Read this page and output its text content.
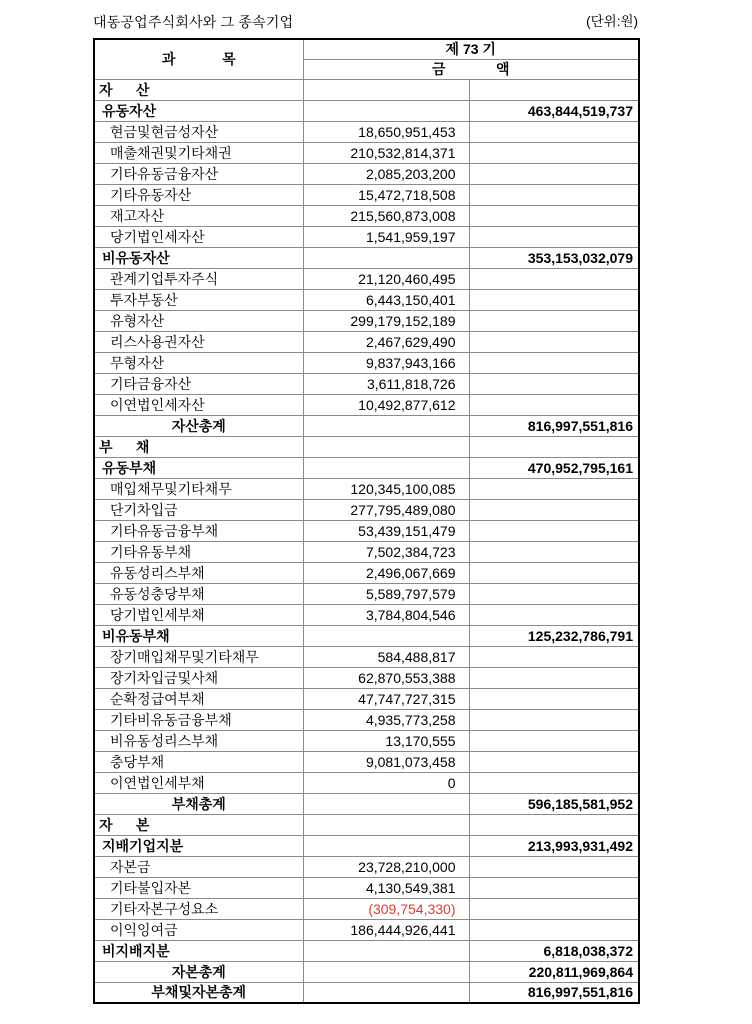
대동공업주식회사와 그 종속기업	(단위:원)
과            목	제 73 기	
	금             액	
자      산		
유동자산		463,844,519,737
현금및현금성자산	18,650,951,453	
매출채권및기타채권	210,532,814,371	
기타유동금융자산	2,085,203,200	
기타유동자산	15,472,718,508	
재고자산	215,560,873,008	
당기법인세자산	1,541,959,197	
비유동자산		353,153,032,079
관계기업투자주식	21,120,460,495	
투자부동산	6,443,150,401	
유형자산	299,179,152,189	
리스사용권자산	2,467,629,490	
무형자산	9,837,943,166	
기타금융자산	3,611,818,726	
이연법인세자산	10,492,877,612	
자산총계		816,997,551,816
부      채		
유동부채		470,952,795,161
매입채무및기타채무	120,345,100,085	
단기차입금	277,795,489,080	
기타유동금융부채	53,439,151,479	
기타유동부채	7,502,384,723	
유동성리스부채	2,496,067,669	
유동성충당부채	5,589,797,579	
당기법인세부채	3,784,804,546	
비유동부채		125,232,786,791
장기매입채무및기타채무	584,488,817	
장기차입금및사채	62,870,553,388	
순확정급여부채	47,747,727,315	
기타비유동금융부채	4,935,773,258	
비유동성리스부채	13,170,555	
충당부채	9,081,073,458	
이연법인세부채	0	
부채총계		596,185,581,952
자      본		
지배기업지분		213,993,931,492
자본금	23,728,210,000	
기타불입자본	4,130,549,381	
기타자본구성요소	(309,754,330)	
이익잉여금	186,444,926,441	
비지배지분		6,818,038,372
자본총계		220,811,969,864
부채및자본총계		816,997,551,816
